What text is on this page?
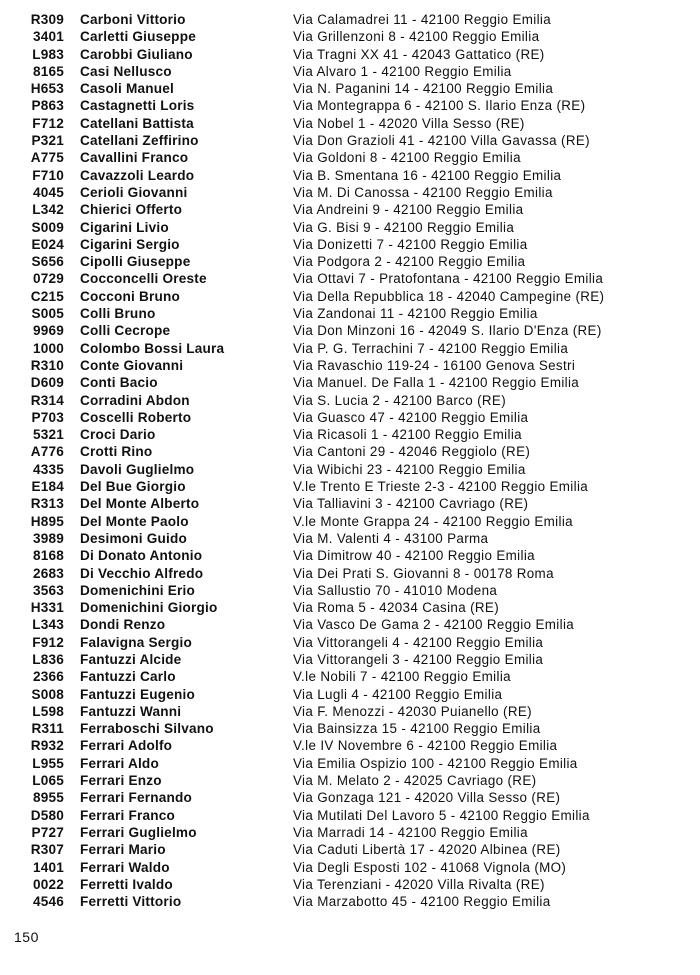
R309 Carboni Vittorio	Via Calamadrei 11 - 42100 Reggio Emilia
3401 Carletti Giuseppe	Via Grillenzoni 8 - 42100 Reggio Emilia
L983 Carobbi Giuliano	Via Tragni XX 41 - 42043 Gattatico (RE)
8165 Casi Nellusco	Via Alvaro 1 - 42100 Reggio Emilia
H653 Casoli Manuel	Via N. Paganini 14 - 42100 Reggio Emilia
P863 Castagnetti Loris	Via Montegrappa 6 - 42100 S. Ilario Enza (RE)
F712 Catellani Battista	Via Nobel 1 - 42020 Villa Sesso (RE)
P321 Catellani Zeffirino	Via Don Grazioli 41 - 42100 Villa Gavassa (RE)
A775 Cavallini Franco	Via Goldoni 8 - 42100 Reggio Emilia
F710 Cavazzoli Leardo	Via B. Smentana 16 - 42100 Reggio Emilia
4045 Cerioli Giovanni	Via M. Di Canossa - 42100 Reggio Emilia
L342 Chierici Offerto	Via Andreini 9 - 42100 Reggio Emilia
S009 Cigarini Livio	Via G. Bisi 9 - 42100 Reggio Emilia
E024 Cigarini Sergio	Via Donizetti 7 - 42100 Reggio Emilia
S656 Cipolli Giuseppe	Via Podgora 2 - 42100 Reggio Emilia
0729 Cocconcelli Oreste	Via Ottavi 7 - Pratofontana - 42100 Reggio Emilia
C215 Cocconi Bruno	Via Della Repubblica 18 - 42040 Campegine (RE)
S005 Colli Bruno	Via Zandonai 11 - 42100 Reggio Emilia
9969 Colli Cecrope	Via Don Minzoni 16 - 42049 S. Ilario D'Enza (RE)
1000 Colombo Bossi Laura	Via P. G. Terrachini 7 - 42100 Reggio Emilia
R310 Conte Giovanni	Via Ravaschio 119-24 - 16100 Genova Sestri
D609 Conti Bacio	Via Manuel. De Falla 1 - 42100 Reggio Emilia
R314 Corradini Abdon	Via S. Lucia 2 - 42100 Barco (RE)
P703 Coscelli Roberto	Via Guasco 47 - 42100 Reggio Emilia
5321 Croci Dario	Via Ricasoli 1 - 42100 Reggio Emilia
A776 Crotti Rino	Via Cantoni 29 - 42046 Reggiolo (RE)
4335 Davoli Guglielmo	Via Wibichi 23 - 42100 Reggio Emilia
E184 Del Bue Giorgio	V.le Trento E Trieste 2-3 - 42100 Reggio Emilia
R313 Del Monte Alberto	Via Talliavini 3 - 42100 Cavriago (RE)
H895 Del Monte Paolo	V.le Monte Grappa 24 - 42100 Reggio Emilia
3989 Desimoni Guido	Via M. Valenti 4 - 43100 Parma
8168 Di Donato Antonio	Via Dimitrow 40 - 42100 Reggio Emilia
2683 Di Vecchio Alfredo	Via Dei Prati S. Giovanni 8 - 00178 Roma
3563 Domenichini Erio	Via Sallustio 70 - 41010 Modena
H331 Domenichini Giorgio	Via Roma 5 - 42034 Casina (RE)
L343 Dondi Renzo	Via Vasco De Gama 2 - 42100 Reggio Emilia
F912 Falavigna Sergio	Via Vittorangeli 4 - 42100 Reggio Emilia
L836 Fantuzzi Alcide	Via Vittorangeli 3 - 42100 Reggio Emilia
2366 Fantuzzi Carlo	V.le Nobili 7 - 42100 Reggio Emilia
S008 Fantuzzi Eugenio	Via Lugli 4 - 42100 Reggio Emilia
L598 Fantuzzi Wanni	Via F. Menozzi - 42030 Puianello (RE)
R311 Ferraboschi Silvano	Via Bainsizza 15 - 42100 Reggio Emilia
R932 Ferrari Adolfo	V.le IV Novembre 6 - 42100 Reggio Emilia
L955 Ferrari Aldo	Via Emilia Ospizio 100 - 42100 Reggio Emilia
L065 Ferrari Enzo	Via M. Melato 2 - 42025 Cavriago (RE)
8955 Ferrari Fernando	Via Gonzaga 121 - 42020 Villa Sesso (RE)
D580 Ferrari Franco	Via Mutilati Del Lavoro 5 - 42100 Reggio Emilia
P727 Ferrari Guglielmo	Via Marradi 14 - 42100 Reggio Emilia
R307 Ferrari Mario	Via Caduti Libertà 17 - 42020 Albinea (RE)
1401 Ferrari Waldo	Via Degli Esposti 102 - 41068 Vignola (MO)
0022 Ferretti Ivaldo	Via Terenziani - 42020 Villa Rivalta (RE)
4546 Ferretti Vittorio	Via Marzabotto 45 - 42100 Reggio Emilia
150
